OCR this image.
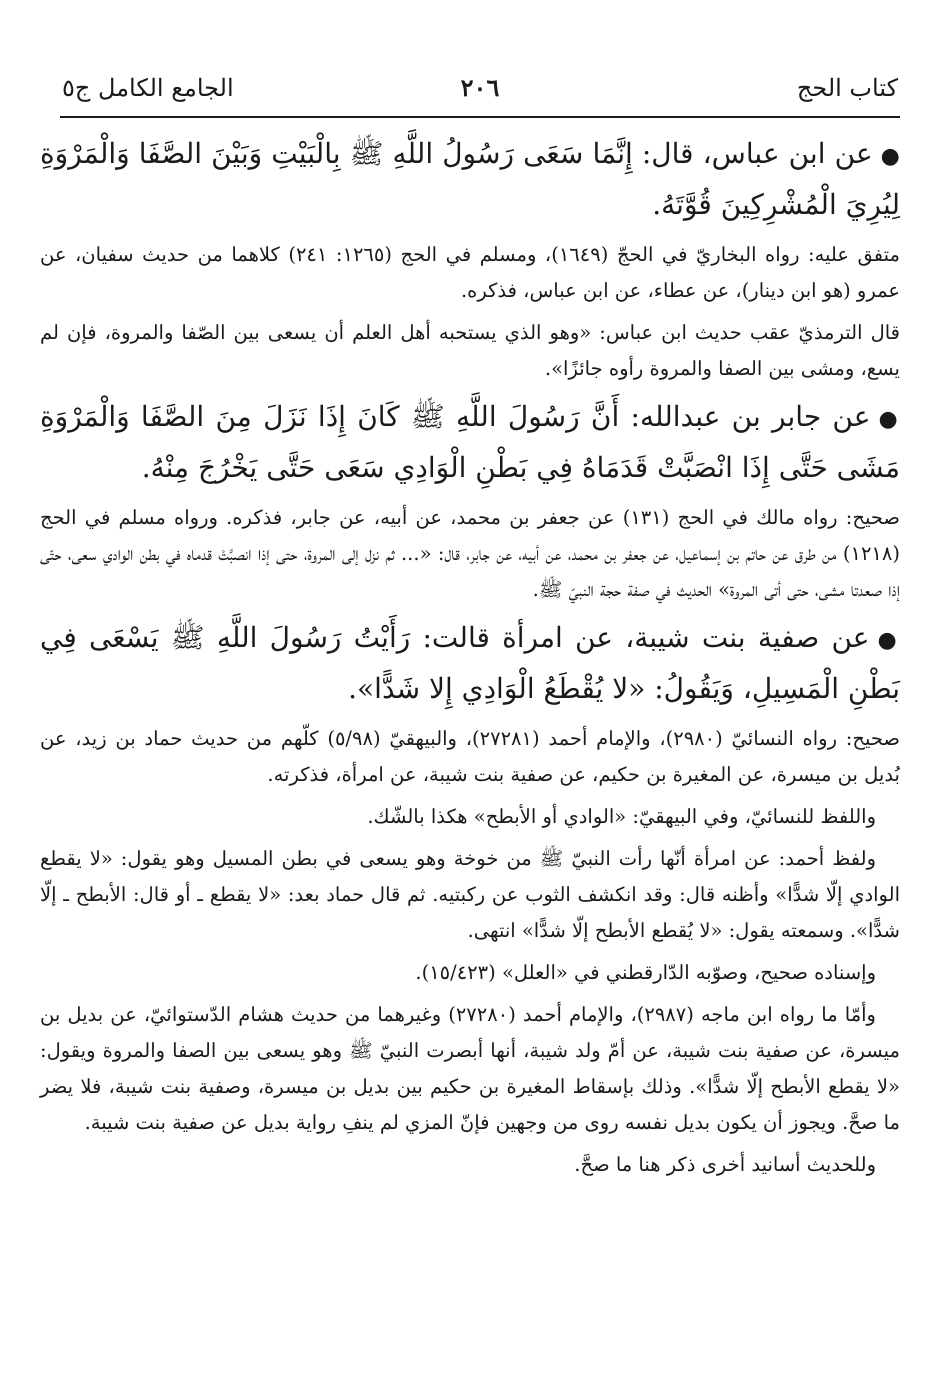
كتاب الحج
٢٠٦
الجامع الكامل ج٥

●عن ابن عباس، قال: إِنَّمَا سَعَى رَسُولُ اللَّهِ ﷺ بِالْبَيْتِ وَبَيْنَ الصَّفَا وَالْمَرْوَةِ لِيُرِيَ الْمُشْرِكِينَ قُوَّتَهُ.

متفق عليه: رواه البخاريّ في الحجّ (١٦٤٩)، ومسلم في الحج (١٢٦٥: ٢٤١) كلاهما من حديث سفيان، عن عمرو (هو ابن دينار)، عن عطاء، عن ابن عباس، فذكره.

قال الترمذيّ عقب حديث ابن عباس: «وهو الذي يستحبه أهل العلم أن يسعى بين الصّفا والمروة، فإن لم يسع، ومشى بين الصفا والمروة رأوه جائزًا».

●عن جابر بن عبدالله: أَنَّ رَسُولَ اللَّهِ ﷺ كَانَ إِذَا نَزَلَ مِنَ الصَّفَا وَالْمَرْوَةِ مَشَى حَتَّى إِذَا انْصَبَّتْ قَدَمَاهُ فِي بَطْنِ الْوَادِي سَعَى حَتَّى يَخْرُجَ مِنْهُ.

صحيح: رواه مالك في الحج (١٣١) عن جعفر بن محمد، عن أبيه، عن جابر، فذكره. ورواه مسلم في الحج (١٢١٨) من طرق عن حاتم بن إسماعيل، عن جعفر بن محمد، عن أبيه، عن جابر، قال: «... ثم نزل إلى المروة، حتى إذا انصبَّتْ قدماه في بطن الوادي سعى، حتّى إذا صعدتا مشى، حتى أتى المروة» الحديث في صفة حجة النبيّ ﷺ.

●عن صفية بنت شيبة، عن امرأة قالت: رَأَيْتُ رَسُولَ اللَّهِ ﷺ يَسْعَى فِي بَطْنِ الْمَسِيلِ، وَيَقُولُ: «لا يُقْطَعُ الْوَادِي إِلا شَدًّا».

صحيح: رواه النسائيّ (٢٩٨٠)، والإمام أحمد (٢٧٢٨١)، والبيهقيّ (٥/٩٨) كلّهم من حديث حماد بن زيد، عن بُديل بن ميسرة، عن المغيرة بن حكيم، عن صفية بنت شيبة، عن امرأة، فذكرته.

واللفظ للنسائيّ، وفي البيهقيّ: «الوادي أو الأبطح» هكذا بالشّك.

ولفظ أحمد: عن امرأة أنّها رأت النبيّ ﷺ من خوخة وهو يسعى في بطن المسيل وهو يقول: «لا يقطع الوادي إلّا شدًّا» وأظنه قال: وقد انكشف الثوب عن ركبتيه. ثم قال حماد بعد: «لا يقطع ـ أو قال: الأبطح ـ إلّا شدًّا». وسمعته يقول: «لا يُقطع الأبطح إلّا شدًّا» انتهى.

وإسناده صحيح، وصوّبه الدّارقطني في «العلل» (١٥/٤٢٣).

وأمّا ما رواه ابن ماجه (٢٩٨٧)، والإمام أحمد (٢٧٢٨٠) وغيرهما من حديث هشام الدّستوائيّ، عن بديل بن ميسرة، عن صفية بنت شيبة، عن أمّ ولد شيبة، أنها أبصرت النبيّ ﷺ وهو يسعى بين الصفا والمروة ويقول: «لا يقطع الأبطح إلّا شدًّا». وذلك بإسقاط المغيرة بن حكيم بين بديل بن ميسرة، وصفية بنت شيبة، فلا يضر ما صحَّ. ويجوز أن يكون بديل نفسه روى من وجهين فإنّ المزي لم ينفِ رواية بديل عن صفية بنت شيبة.

وللحديث أسانيد أخرى ذكر هنا ما صحَّ.
